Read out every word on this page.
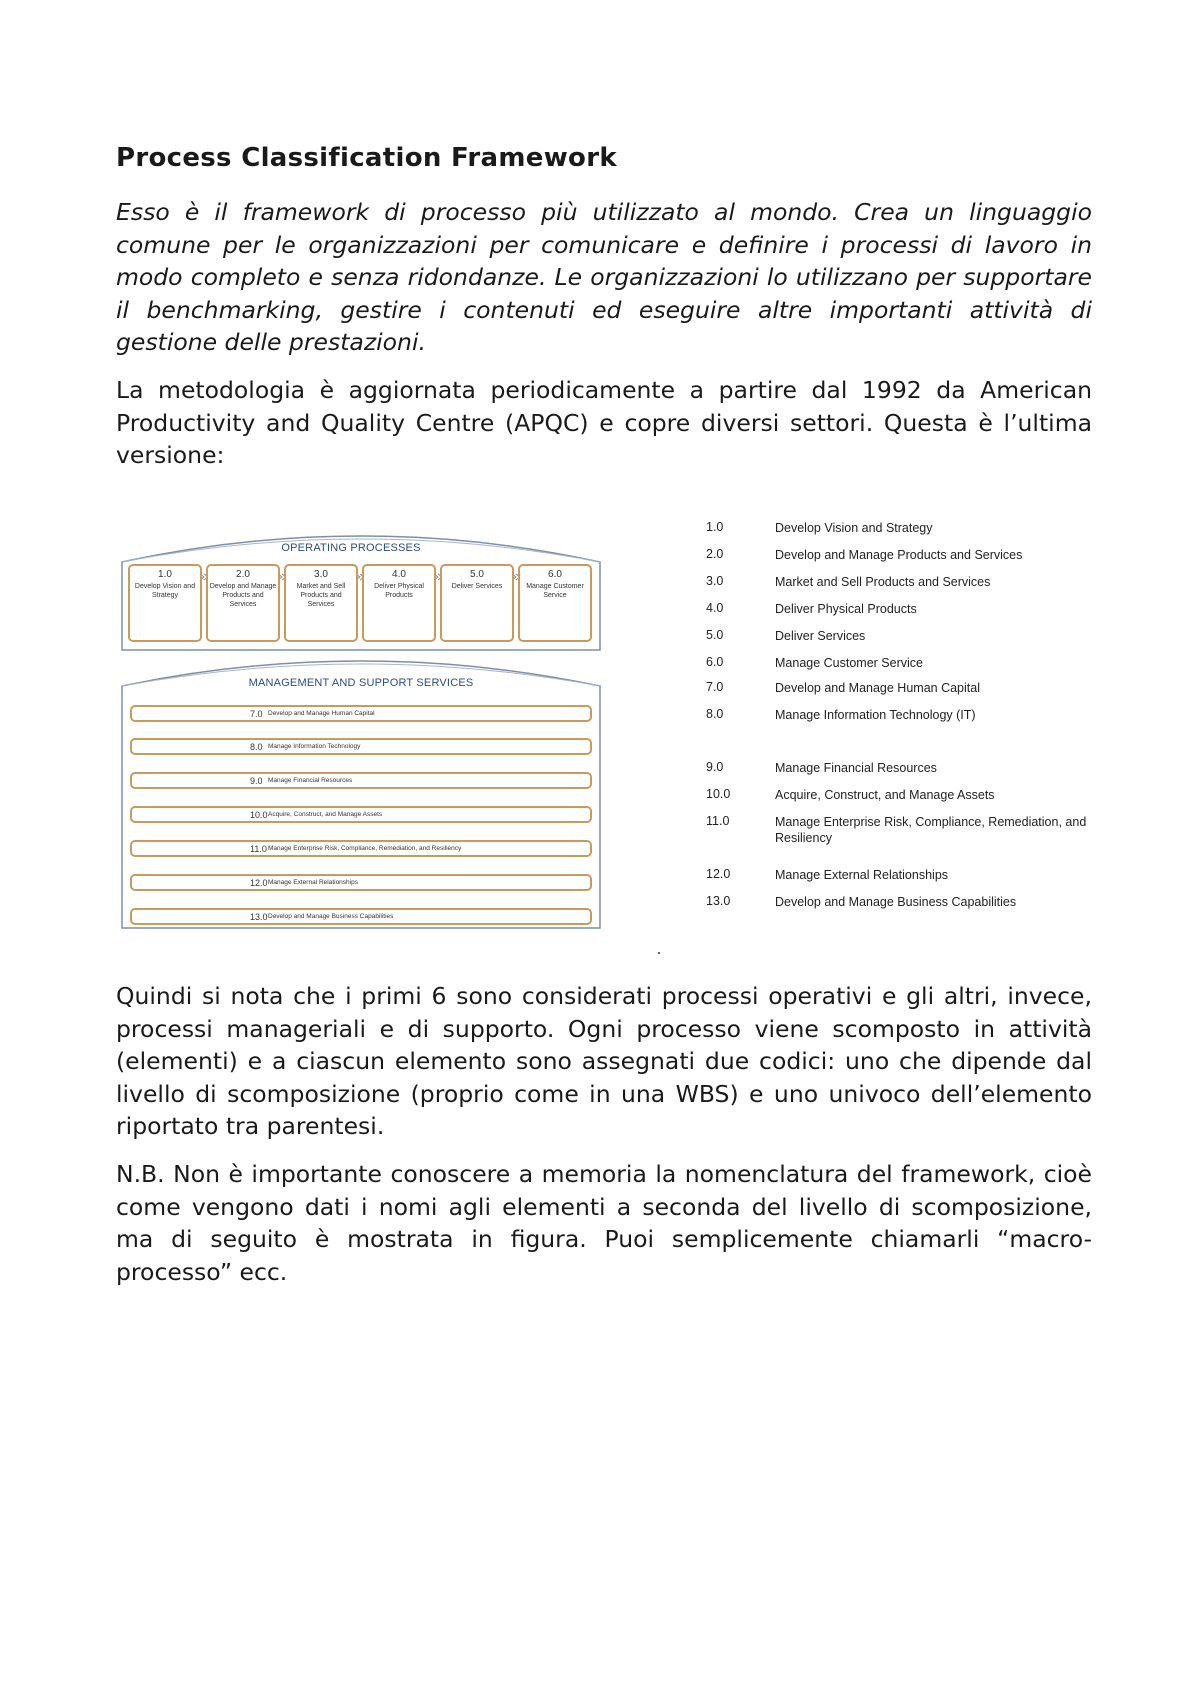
Process Classification Framework
Esso è il framework di processo più utilizzato al mondo. Crea un linguaggio comune per le organizzazioni per comunicare e definire i processi di lavoro in modo completo e senza ridondanze. Le organizzazioni lo utilizzano per supportare il benchmarking, gestire i contenuti ed eseguire altre importanti attività di gestione delle prestazioni.
La metodologia è aggiornata periodicamente a partire dal 1992 da American Productivity and Quality Centre (APQC) e copre diversi settori. Questa è l’ultima versione:
OPERATING PROCESSES
1.0
Develop Vision and Strategy
2.0
Develop and Manage Products and Services
3.0
Market and Sell Products and Services
4.0
Deliver Physical Products
5.0
Deliver Services
6.0
Manage Customer Service
MANAGEMENT AND SUPPORT SERVICES
7.0 Develop and Manage Human Capital
8.0 Manage Information Technology
9.0 Manage Financial Resources
10.0 Acquire, Construct, and Manage Assets
11.0 Manage Enterprise Risk, Compliance, Remediation, and Resiliency
12.0 Manage External Relationships
13.0 Develop and Manage Business Capabilities
1.0	Develop Vision and Strategy
2.0	Develop and Manage Products and Services
3.0	Market and Sell Products and Services
4.0	Deliver Physical Products
5.0	Deliver Services
6.0	Manage Customer Service
7.0	Develop and Manage Human Capital
8.0	Manage Information Technology (IT)
9.0	Manage Financial Resources
10.0	Acquire, Construct, and Manage Assets
11.0	Manage Enterprise Risk, Compliance, Remediation, and Resiliency
12.0	Manage External Relationships
13.0	Develop and Manage Business Capabilities
Quindi si nota che i primi 6 sono considerati processi operativi e gli altri, invece, processi manageriali e di supporto. Ogni processo viene scomposto in attività (elementi) e a ciascun elemento sono assegnati due codici: uno che dipende dal livello di scomposizione (proprio come in una WBS) e uno univoco dell’elemento riportato tra parentesi.
N.B. Non è importante conoscere a memoria la nomenclatura del framework, cioè come vengono dati i nomi agli elementi a seconda del livello di scomposizione, ma di seguito è mostrata in figura. Puoi semplicemente chiamarli “macro-processo” ecc.
